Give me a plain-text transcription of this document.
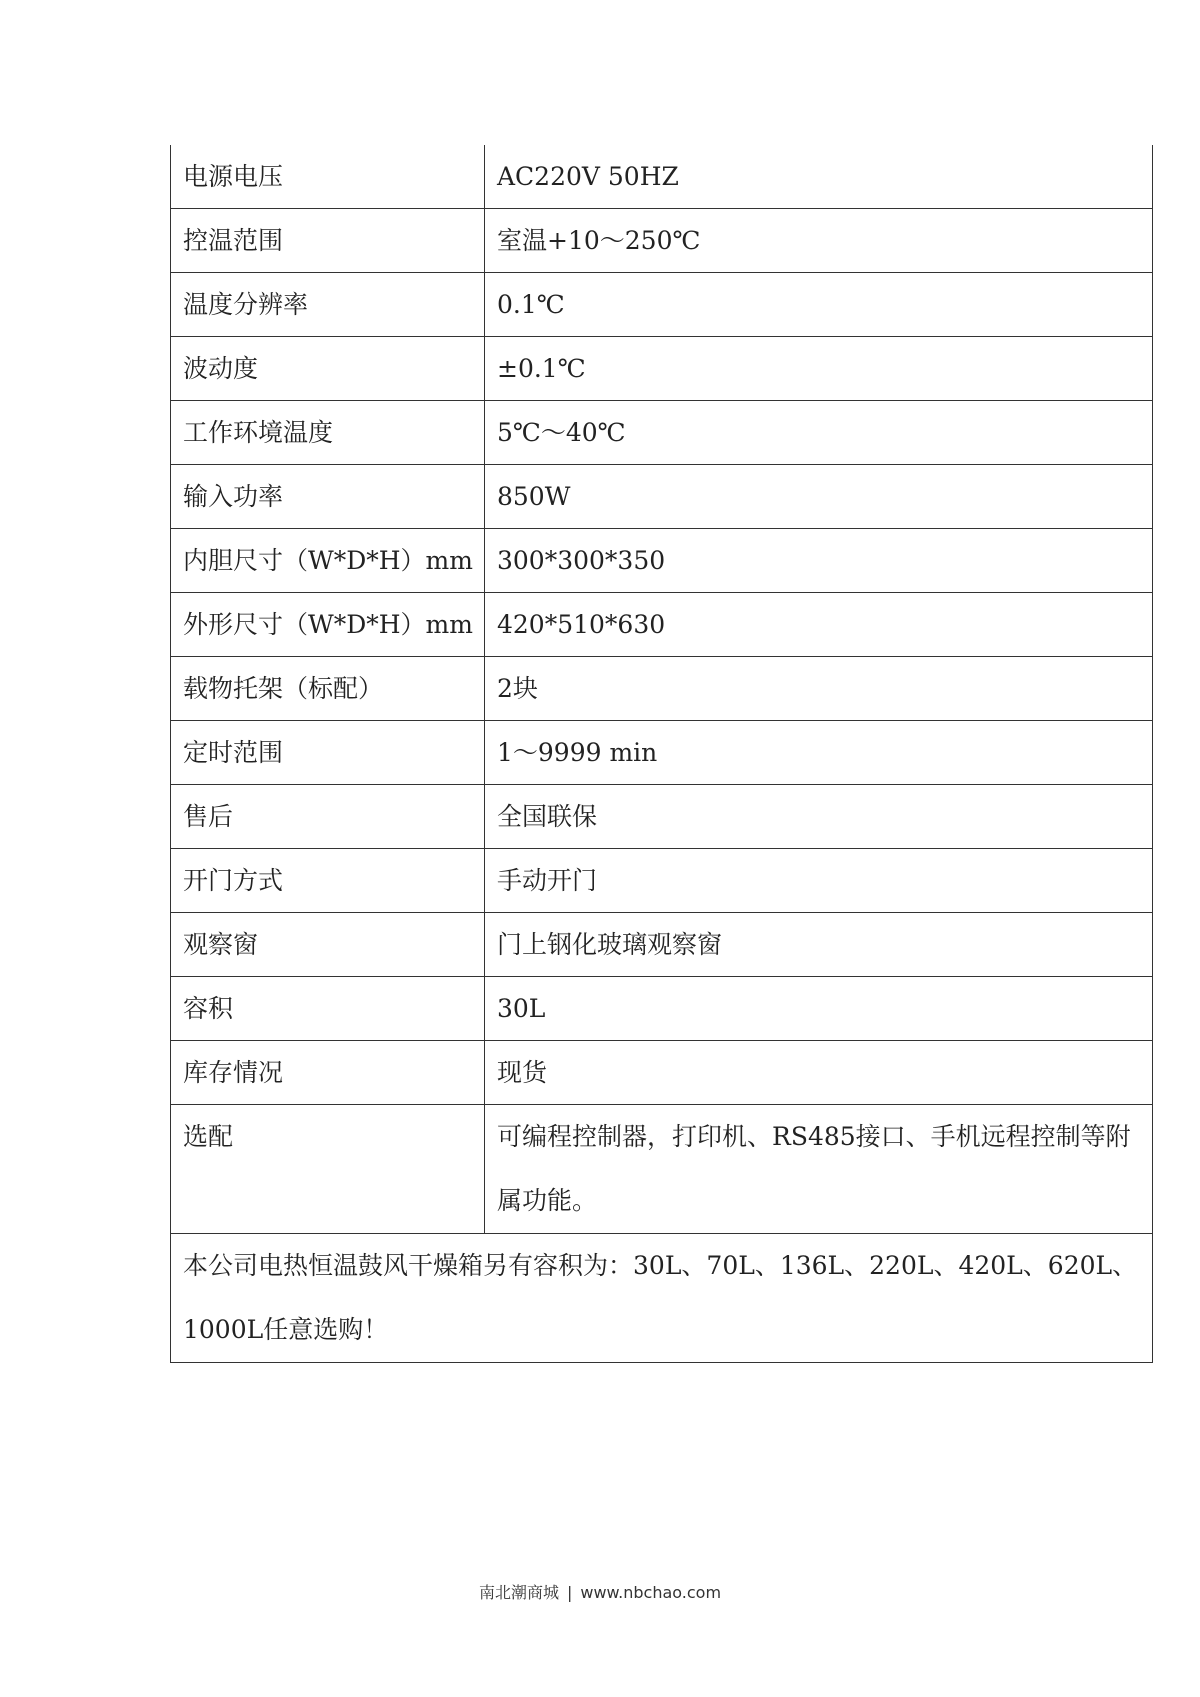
电源电压	AC220V 50HZ
控温范围	室温+10～250℃
温度分辨率	0.1℃
波动度	±0.1℃
工作环境温度	5℃～40℃
输入功率	850W
内胆尺寸（W*D*H）mm	300*300*350
外形尺寸（W*D*H）mm	420*510*630
载物托架（标配）	2块
定时范围	1～9999 min
售后	全国联保
开门方式	手动开门
观察窗	门上钢化玻璃观察窗
容积	30L
库存情况	现货
选配	可编程控制器，打印机、RS485接口、手机远程控制等附属功能。
本公司电热恒温鼓风干燥箱另有容积为：30L、70L、136L、220L、420L、620L、1000L任意选购！	
南北潮商城 | www.nbchao.com
